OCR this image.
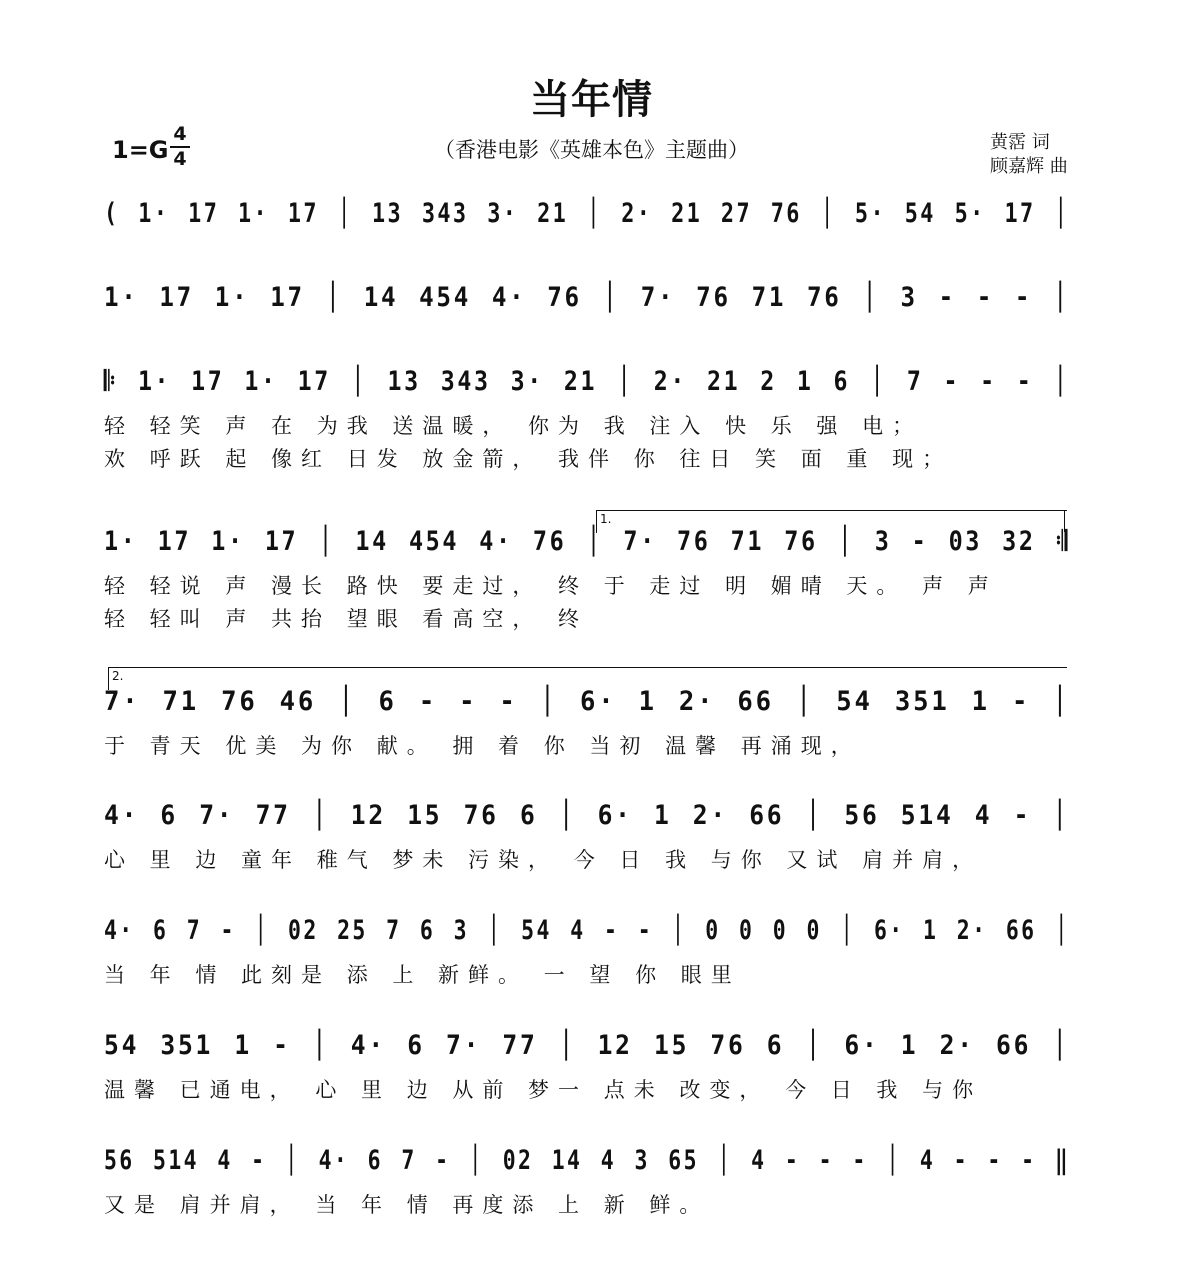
当年情
1=G
4
4	（香港电影《英雄本色》主题曲）	黄霑 词
顾嘉辉 曲
1.
2.
( 1· 17 1· 17 │ 13 343 3· 21 │ 2· 21 27 76 │ 5· 54 5· 17 │
1· 17 1· 17 │ 14 454 4· 76 │ 7· 76 71 76 │ 3 - - - │
𝄆 1· 17 1· 17 │ 13 343 3· 21 │ 2· 21 2 1 6 │ 7 - - - │
轻 轻笑 声 在 为我 送温暖， 你为 我 注入 快 乐 强 电；
欢 呼跃 起 像红 日发 放金箭， 我伴 你 往日 笑 面 重 现；
1· 17 1· 17 │ 14 454 4· 76 │ 7· 76 71 76 │ 3 - 03 32 𝄇
轻 轻说 声 漫长 路快 要走过， 终 于 走过 明 媚晴 天。 声 声
轻 轻叫 声 共抬 望眼 看高空， 终
7· 71 76 46 │ 6 - - - │ 6· 1 2· 66 │ 54 351 1 - │
于 青天 优美 为你 献。 拥 着 你 当初 温馨 再涌现，
4· 6 7· 77 │ 12 15 76 6 │ 6· 1 2· 66 │ 56 514 4 - │
心 里 边 童年 稚气 梦未 污染， 今 日 我 与你 又试 肩并肩，
4· 6 7 - │ 02 25 7 6 3 │ 54 4 - - │ 0 0 0 0 │ 6· 1 2· 66 │
当 年 情 此刻是 添 上 新鲜。 一 望 你 眼里
54 351 1 - │ 4· 6 7· 77 │ 12 15 76 6 │ 6· 1 2· 66 │
温馨 已通电， 心 里 边 从前 梦一 点未 改变， 今 日 我 与你
56 514 4 - │ 4· 6 7 - │ 02 14 4 3 65 │ 4 - - - │ 4 - - - ‖
又是 肩并肩， 当 年 情 再度添 上 新 鲜。
